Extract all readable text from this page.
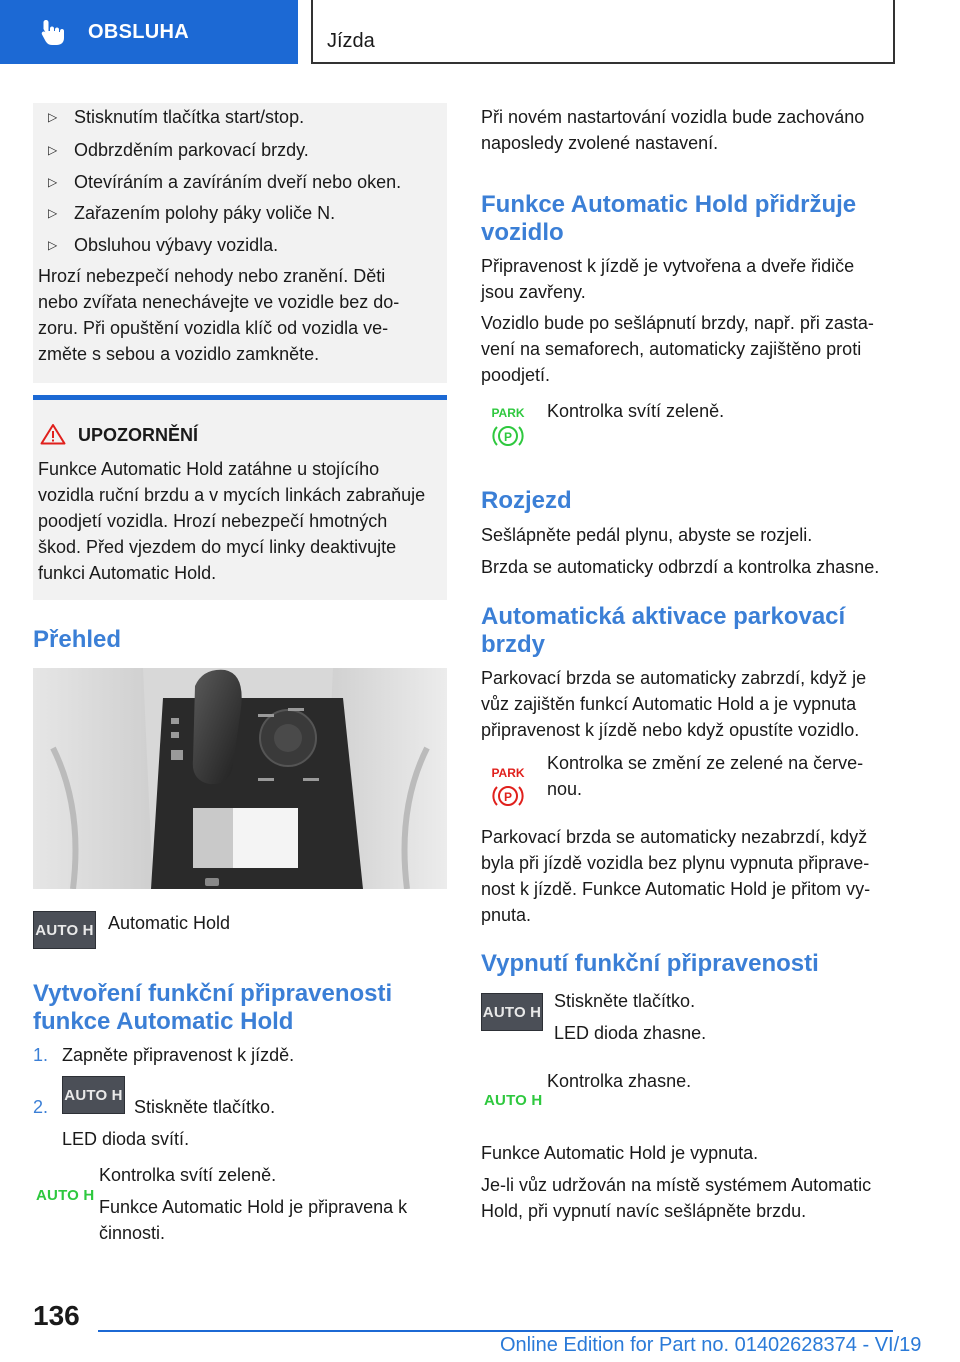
OBSLUHA	Jízda
▷ Stisknutím tlačítka start/stop.
▷ Odbrzděním parkovací brzdy.
▷ Otevíráním a zavíráním dveří nebo oken.
▷ Zařazením polohy páky voliče N.
▷ Obsluhou výbavy vozidla.
Hrozí nebezpečí nehody nebo zranění. Děti
nebo zvířata nenechávejte ve vozidle bez do-
zoru. Při opuštění vozidla klíč od vozidla ve-
změte s sebou a vozidlo zamkněte.
UPOZORNĚNÍ
Funkce Automatic Hold zatáhne u stojícího
vozidla ruční brzdu a v mycích linkách zabraňuje
poodjetí vozidla. Hrozí nebezpečí hmotných
škod. Před vjezdem do mycí linky deaktivujte
funkci Automatic Hold.
Přehled
AUTO H Automatic Hold
Vytvoření funkční připravenosti
funkce Automatic Hold
1. Zapněte připravenost k jízdě.
2.
AUTO H
Stiskněte tlačítko.
LED dioda svítí.
AUTO H
Kontrolka svítí zeleně.
Funkce Automatic Hold je připravena k
činnosti.
Při novém nastartování vozidla bude zachováno
naposledy zvolené nastavení.
Funkce Automatic Hold přidržuje
vozidlo
Připravenost k jízdě je vytvořena a dveře řidiče
jsou zavřeny.
Vozidlo bude po sešlápnutí brzdy, např. při zasta-
vení na semaforech, automaticky zajištěno proti
poodjetí.
PARK
P
Kontrolka svítí zeleně.
Rozjezd
Sešlápněte pedál plynu, abyste se rozjeli.
Brzda se automaticky odbrzdí a kontrolka zhasne.
Automatická aktivace parkovací
brzdy
Parkovací brzda se automaticky zabrzdí, když je
vůz zajištěn funkcí Automatic Hold a je vypnuta
připravenost k jízdě nebo když opustíte vozidlo.
PARK
P
Kontrolka se změní ze zelené na červe-
nou.
Parkovací brzda se automaticky nezabrzdí, když
byla při jízdě vozidla bez plynu vypnuta připrave-
nost k jízdě. Funkce Automatic Hold je přitom vy-
pnuta.
Vypnutí funkční připravenosti
AUTO H
Stiskněte tlačítko.
LED dioda zhasne.
AUTO H
Kontrolka zhasne.
Funkce Automatic Hold je vypnuta.
Je-li vůz udržován na místě systémem Automatic
Hold, při vypnutí navíc sešlápněte brzdu.
136
Online Edition for Part no. 01402628374 - VI/19
